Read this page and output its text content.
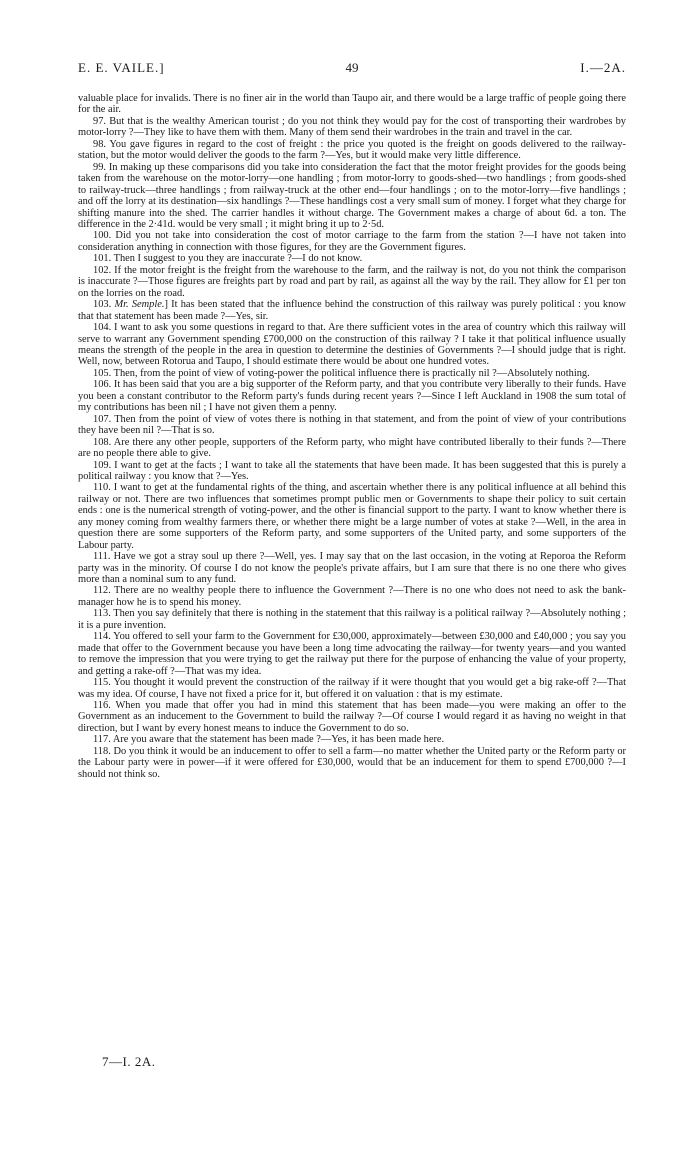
E. E. VAILE.]	49	I.—2A.

valuable place for invalids. There is no finer air in the world than Taupo air, and there would be a large traffic of people going there for the air.

97. But that is the wealthy American tourist ; do you not think they would pay for the cost of transporting their wardrobes by motor-lorry ?—They like to have them with them. Many of them send their wardrobes in the train and travel in the car.

98. You gave figures in regard to the cost of freight : the price you quoted is the freight on goods delivered to the railway-station, but the motor would deliver the goods to the farm ?—Yes, but it would make very little difference.

99. In making up these comparisons did you take into consideration the fact that the motor freight provides for the goods being taken from the warehouse on the motor-lorry—one handling ; from motor-lorry to goods-shed—two handlings ; from goods-shed to railway-truck—three handlings ; from railway-truck at the other end—four handlings ; on to the motor-lorry—five handlings ; and off the lorry at its destination—six handlings ?—These handlings cost a very small sum of money. I forget what they charge for shifting manure into the shed. The carrier handles it without charge. The Government makes a charge of about 6d. a ton. The difference in the 2·41d. would be very small ; it might bring it up to 2·5d.

100. Did you not take into consideration the cost of motor carriage to the farm from the station ?—I have not taken into consideration anything in connection with those figures, for they are the Government figures.

101. Then I suggest to you they are inaccurate ?—I do not know.

102. If the motor freight is the freight from the warehouse to the farm, and the railway is not, do you not think the comparison is inaccurate ?—Those figures are freights part by road and part by rail, as against all the way by the rail. They allow for £1 per ton on the lorries on the road.

103. Mr. Semple.] It has been stated that the influence behind the construction of this railway was purely political : you know that that statement has been made ?—Yes, sir.

104. I want to ask you some questions in regard to that. Are there sufficient votes in the area of country which this railway will serve to warrant any Government spending £700,000 on the construction of this railway ? I take it that political influence usually means the strength of the people in the area in question to determine the destinies of Governments ?—I should judge that is right. Well, now, between Rotorua and Taupo, I should estimate there would be about one hundred votes.

105. Then, from the point of view of voting-power the political influence there is practically nil ?—Absolutely nothing.

106. It has been said that you are a big supporter of the Reform party, and that you contribute very liberally to their funds. Have you been a constant contributor to the Reform party's funds during recent years ?—Since I left Auckland in 1908 the sum total of my contributions has been nil ; I have not given them a penny.

107. Then from the point of view of votes there is nothing in that statement, and from the point of view of your contributions they have been nil ?—That is so.

108. Are there any other people, supporters of the Reform party, who might have contributed liberally to their funds ?—There are no people there able to give.

109. I want to get at the facts ; I want to take all the statements that have been made. It has been suggested that this is purely a political railway : you know that ?—Yes.

110. I want to get at the fundamental rights of the thing, and ascertain whether there is any political influence at all behind this railway or not. There are two influences that sometimes prompt public men or Governments to shape their policy to suit certain ends : one is the numerical strength of voting-power, and the other is financial support to the party. I want to know whether there is any money coming from wealthy farmers there, or whether there might be a large number of votes at stake ?—Well, in the area in question there are some supporters of the Reform party, and some supporters of the United party, and some supporters of the Labour party.

111. Have we got a stray soul up there ?—Well, yes. I may say that on the last occasion, in the voting at Reporoa the Reform party was in the minority. Of course I do not know the people's private affairs, but I am sure that there is no one there who gives more than a nominal sum to any fund.

112. There are no wealthy people there to influence the Government ?—There is no one who does not need to ask the bank-manager how he is to spend his money.

113. Then you say definitely that there is nothing in the statement that this railway is a political railway ?—Absolutely nothing ; it is a pure invention.

114. You offered to sell your farm to the Government for £30,000, approximately—between £30,000 and £40,000 ; you say you made that offer to the Government because you have been a long time advocating the railway—for twenty years—and you wanted to remove the impression that you were trying to get the railway put there for the purpose of enhancing the value of your property, and getting a rake-off ?—That was my idea.

115. You thought it would prevent the construction of the railway if it were thought that you would get a big rake-off ?—That was my idea. Of course, I have not fixed a price for it, but offered it on valuation : that is my estimate.

116. When you made that offer you had in mind this statement that has been made—you were making an offer to the Government as an inducement to the Government to build the railway ?—Of course I would regard it as having no weight in that direction, but I want by every honest means to induce the Government to do so.

117. Are you aware that the statement has been made ?—Yes, it has been made here.

118. Do you think it would be an inducement to offer to sell a farm—no matter whether the United party or the Reform party or the Labour party were in power—if it were offered for £30,000, would that be an inducement for them to spend £700,000 ?—I should not think so.

7—I. 2A.
